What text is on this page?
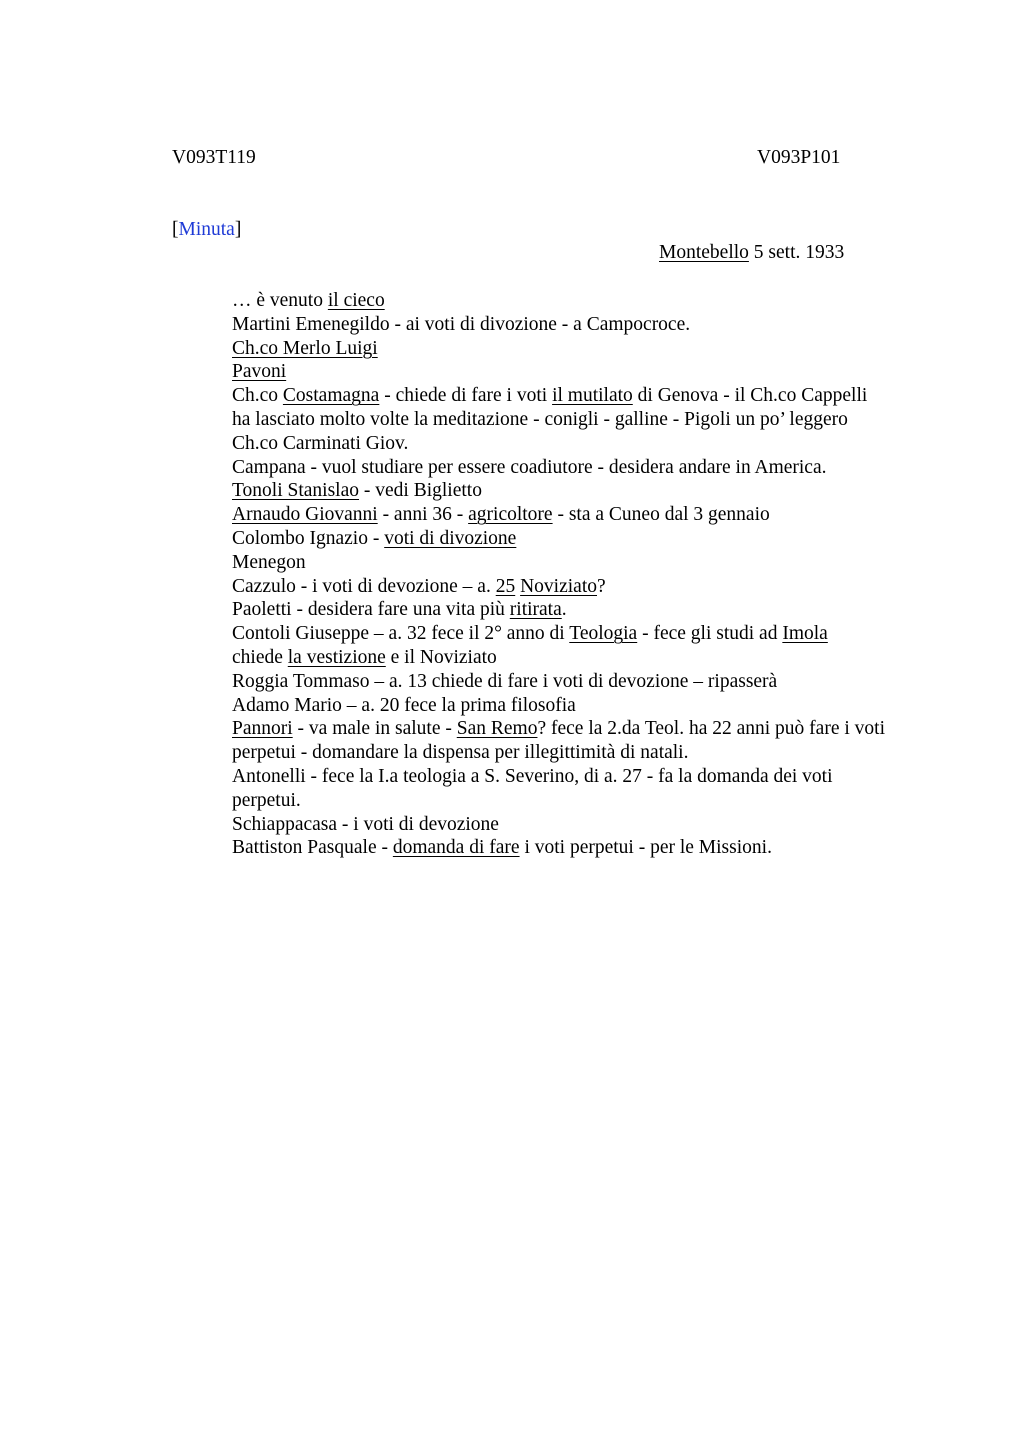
V093T119	V093P101
[Minuta]
Montebello 5 sett. 1933
… è venuto il cieco
Martini Emenegildo - ai voti di divozione - a Campocroce.
Ch.co Merlo Luigi
Pavoni
Ch.co Costamagna - chiede di fare i voti il mutilato di Genova - il Ch.co Cappelli
ha lasciato molto volte la meditazione - conigli - galline - Pigoli un po’ leggero
Ch.co Carminati Giov.
Campana - vuol studiare per essere coadiutore - desidera andare in America.
Tonoli Stanislao - vedi Biglietto
Arnaudo Giovanni - anni 36 - agricoltore - sta a Cuneo dal 3 gennaio
Colombo Ignazio - voti di divozione
Menegon
Cazzulo - i voti di devozione – a. 25 Noviziato?
Paoletti - desidera fare una vita più ritirata.
Contoli Giuseppe – a. 32 fece il 2° anno di Teologia - fece gli studi ad Imola
chiede la vestizione e il Noviziato
Roggia Tommaso – a. 13 chiede di fare i voti di devozione – ripasserà
Adamo Mario – a. 20 fece la prima filosofia
Pannori - va male in salute - San Remo? fece la 2.da Teol. ha 22 anni può fare i voti
perpetui - domandare la dispensa per illegittimità di natali.
Antonelli - fece la I.a teologia a S. Severino, di a. 27 - fa la domanda dei voti
perpetui.
Schiappacasa - i voti di devozione
Battiston Pasquale - domanda di fare i voti perpetui - per le Missioni.
